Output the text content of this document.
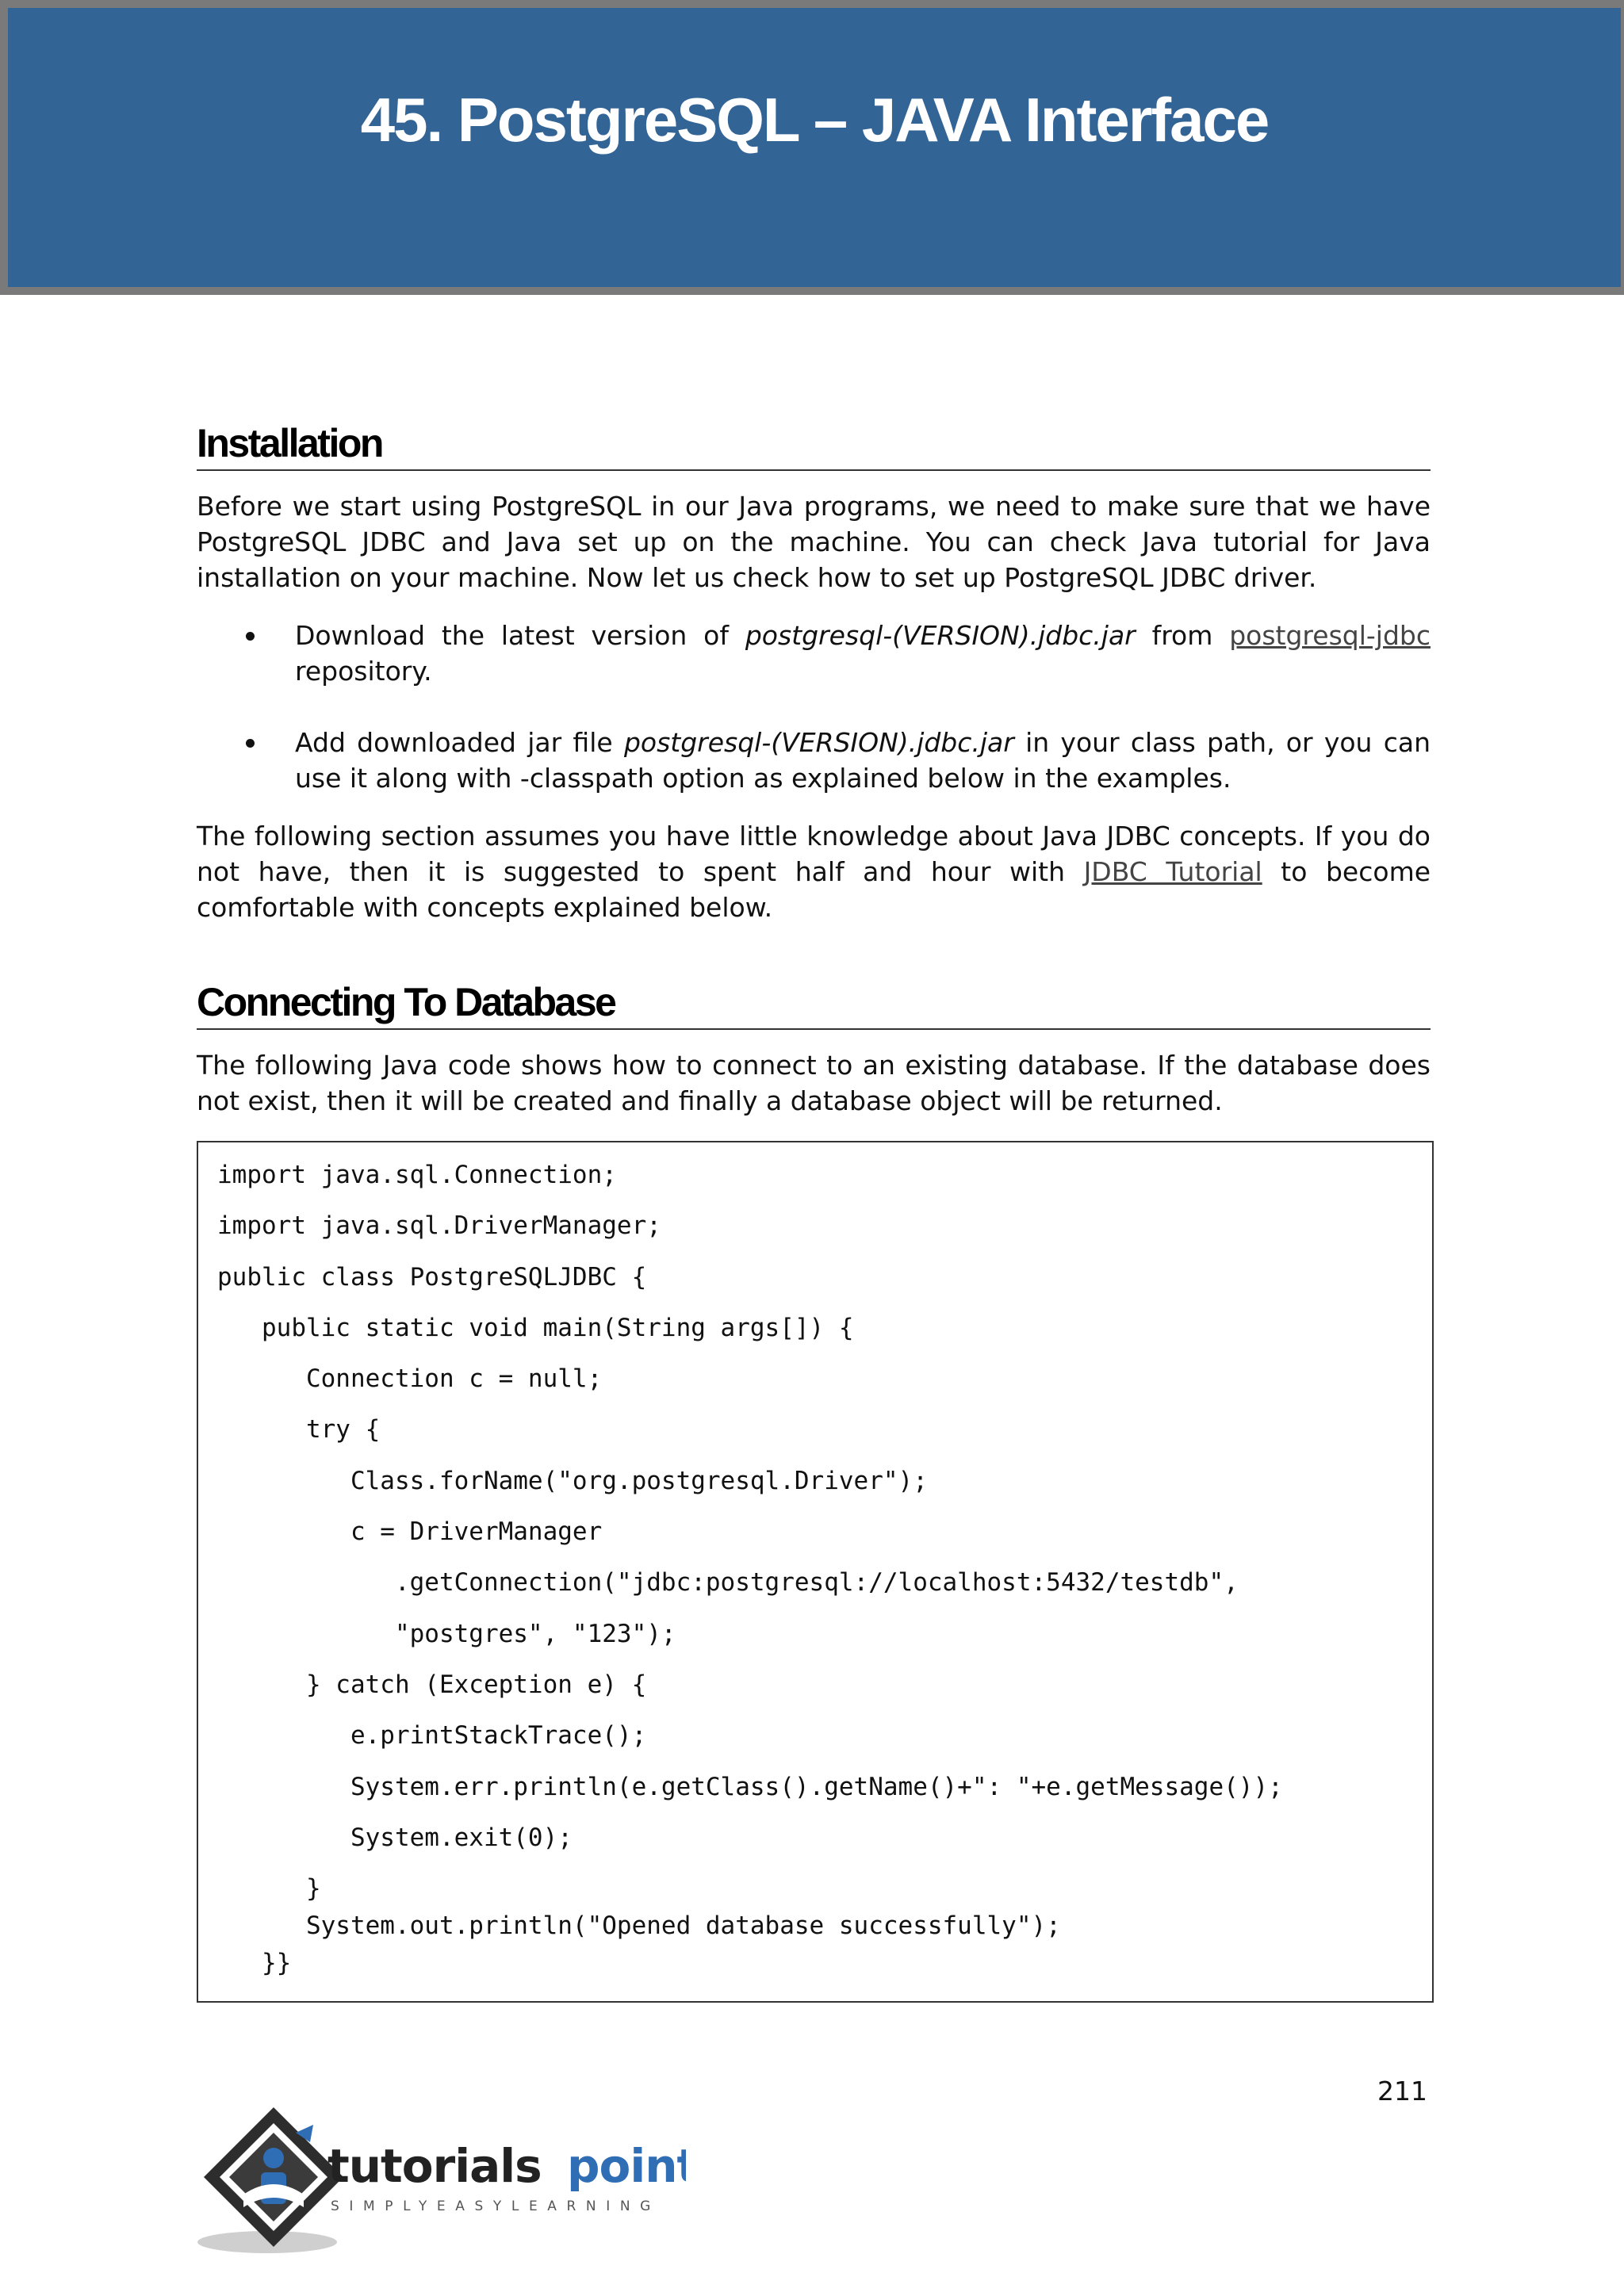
45. PostgreSQL – JAVA Interface
Installation

Before we start using PostgreSQL in our Java programs, we need to make sure that we have PostgreSQL JDBC and Java set up on the machine. You can check Java tutorial for Java installation on your machine. Now let us check how to set up PostgreSQL JDBC driver.

Download the latest version of postgresql-(VERSION).jdbc.jar from postgresql-jdbc repository.
Add downloaded jar file postgresql-(VERSION).jdbc.jar in your class path, or you can use it along with -classpath option as explained below in the examples.

The following section assumes you have little knowledge about Java JDBC concepts. If you do not have, then it is suggested to spent half and hour with JDBC Tutorial to become comfortable with concepts explained below.

Connecting To Database

The following Java code shows how to connect to an existing database. If the database does not exist, then it will be created and finally a database object will be returned.

import java.sql.Connection;
import java.sql.DriverManager;
public class PostgreSQLJDBC {
public static void main(String args[]) {
Connection c = null;
try {
Class.forName("org.postgresql.Driver");
c = DriverManager
.getConnection("jdbc:postgresql://localhost:5432/testdb",
"postgres", "123");
} catch (Exception e) {
e.printStackTrace();
System.err.println(e.getClass().getName()+": "+e.getMessage());
System.exit(0);
}
System.out.println("Opened database successfully");
}}
211
tutorials point
SIMPLYEASYLEARNING
